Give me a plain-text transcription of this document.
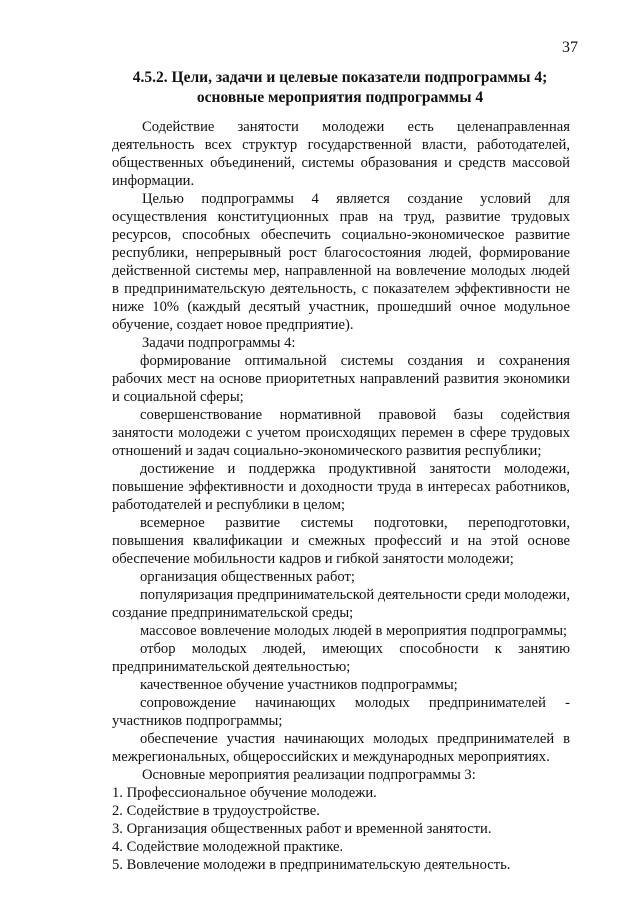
37
4.5.2. Цели, задачи и целевые показатели подпрограммы 4;
основные мероприятия подпрограммы 4

Содействие занятости молодежи есть целенаправленная деятельность всех структур государственной власти, работодателей, общественных объединений, системы образования и средств массовой информации.

Целью подпрограммы 4 является создание условий для осуществления конституционных прав на труд, развитие трудовых ресурсов, способных обеспечить социально-экономическое развитие республики, непрерывный рост благосостояния людей, формирование действенной системы мер, направленной на вовлечение молодых людей в предпринимательскую деятельность, с показателем эффективности не ниже 10% (каждый десятый участник, прошедший очное модульное обучение, создает новое предприятие).

Задачи подпрограммы 4:

формирование оптимальной системы создания и сохранения рабочих мест на основе приоритетных направлений развития экономики и социальной сферы;

совершенствование нормативной правовой базы содействия занятости молодежи с учетом происходящих перемен в сфере трудовых отношений и задач социально-экономического развития республики;

достижение и поддержка продуктивной занятости молодежи, повышение эффективности и доходности труда в интересах работников, работодателей и республики в целом;

всемерное развитие системы подготовки, переподготовки, повышения квалификации и смежных профессий и на этой основе обеспечение мобильности кадров и гибкой занятости молодежи;

организация общественных работ;

популяризация предпринимательской деятельности среди молодежи, создание предпринимательской среды;

массовое вовлечение молодых людей в мероприятия подпрограммы;

отбор молодых людей, имеющих способности к занятию предпринимательской деятельностью;

качественное обучение участников подпрограммы;

сопровождение начинающих молодых предпринимателей - участников подпрограммы;

обеспечение участия начинающих молодых предпринимателей в межрегиональных, общероссийских и международных мероприятиях.

Основные мероприятия реализации подпрограммы 3:

1. Профессиональное обучение молодежи.

2. Содействие в трудоустройстве.

3. Организация общественных работ и временной занятости.

4. Содействие молодежной практике.

5. Вовлечение молодежи в предпринимательскую деятельность.
